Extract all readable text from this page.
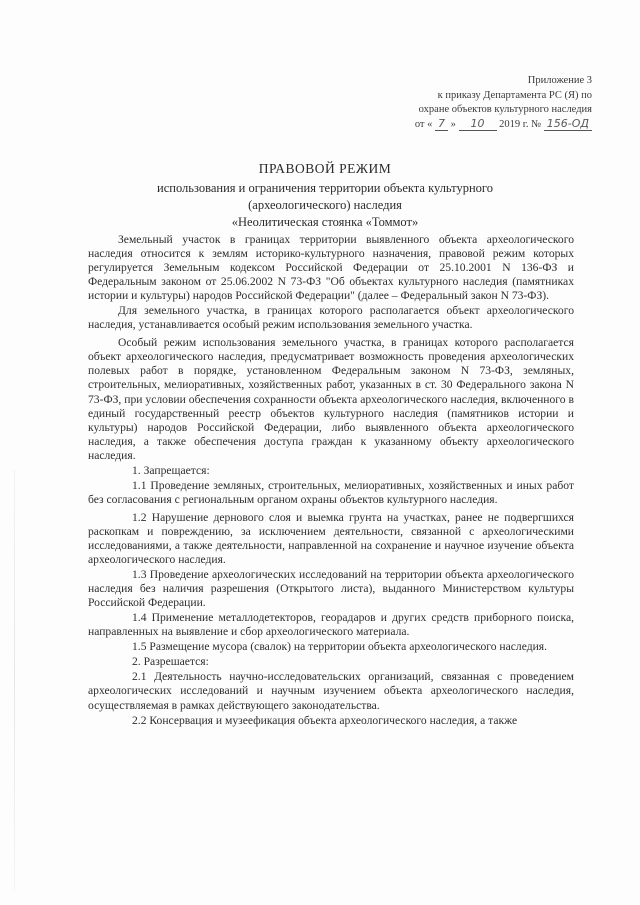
Приложение 3
к приказу Департамента РС (Я) по
охране объектов культурного наследия
от « 7 » 10 2019 г. № 156-ОД
ПРАВОВОЙ РЕЖИМ
использования и ограничения территории объекта культурного
(археологического) наследия
«Неолитическая стоянка «Томмот»

Земельный участок в границах территории выявленного объекта археологического наследия относится к землям историко-культурного назначения, правовой режим которых регулируется Земельным кодексом Российской Федерации от 25.10.2001 N 136-ФЗ и Федеральным законом от 25.06.2002 N 73-ФЗ "Об объектах культурного наследия (памятниках истории и культуры) народов Российской Федерации" (далее – Федеральный закон N 73-ФЗ).

Для земельного участка, в границах которого располагается объект археологического наследия, устанавливается особый режим использования земельного участка.

Особый режим использования земельного участка, в границах которого располагается объект археологического наследия, предусматривает возможность проведения археологических полевых работ в порядке, установленном Федеральным законом N 73-ФЗ, земляных, строительных, мелиоративных, хозяйственных работ, указанных в ст. 30 Федерального закона N 73-ФЗ, при условии обеспечения сохранности объекта археологического наследия, включенного в единый государственный реестр объектов культурного наследия (памятников истории и культуры) народов Российской Федерации, либо выявленного объекта археологического наследия, а также обеспечения доступа граждан к указанному объекту археологического наследия.

1. Запрещается:

1.1 Проведение земляных, строительных, мелиоративных, хозяйственных и иных работ без согласования с региональным органом охраны объектов культурного наследия.

1.2 Нарушение дернового слоя и выемка грунта на участках, ранее не подвергшихся раскопкам и повреждению, за исключением деятельности, связанной с археологическими исследованиями, а также деятельности, направленной на сохранение и научное изучение объекта археологического наследия.

1.3 Проведение археологических исследований на территории объекта археологического наследия без наличия разрешения (Открытого листа), выданного Министерством культуры Российской Федерации.

1.4 Применение металлодетекторов, георадаров и других средств приборного поиска, направленных на выявление и сбор археологического материала.

1.5 Размещение мусора (свалок) на территории объекта археологического наследия.

2. Разрешается:

2.1 Деятельность научно-исследовательских организаций, связанная с проведением археологических исследований и научным изучением объекта археологического наследия, осуществляемая в рамках действующего законодательства.

2.2 Консервация и музеефикация объекта археологического наследия, а также
